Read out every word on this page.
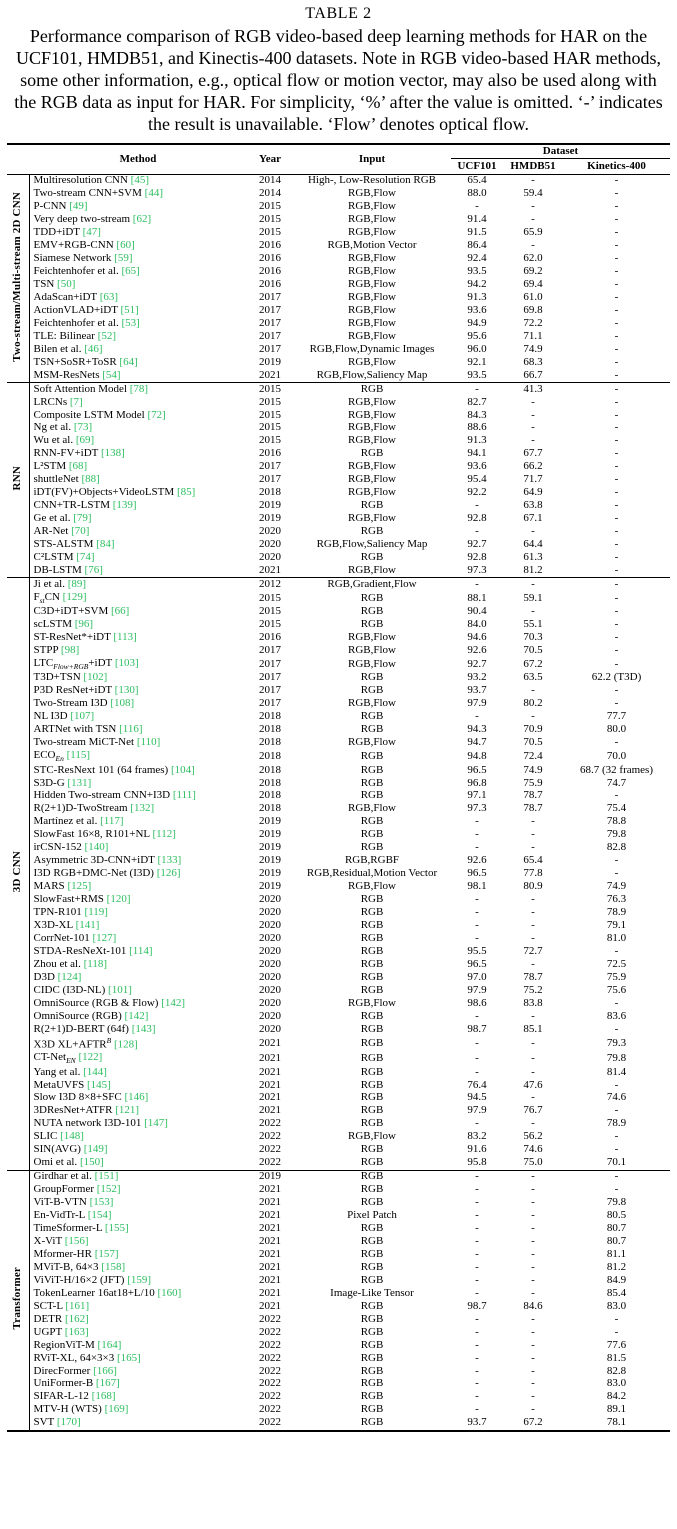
TABLE 2
Performance comparison of RGB video-based deep learning methods for HAR on the UCF101, HMDB51, and Kinectis-400 datasets. Note in RGB video-based HAR methods, some other information, e.g., optical flow or motion vector, may also be used along with the RGB data as input for HAR. For simplicity, ‘%’ after the value is omitted. ‘-’ indicates the result is unavailable. ‘Flow’ denotes optical flow.
	Method	Year	Input	Dataset		
				UCF101	HMDB51	Kinetics-400
Two-stream/Multi-stream 2D CNN	Multiresolution CNN [45]	2014	High-, Low-Resolution RGB	65.4	-	-
	Two-stream CNN+SVM [44]	2014	RGB,Flow	88.0	59.4	-
	P-CNN [49]	2015	RGB,Flow	-	-	-
	Very deep two-stream [62]	2015	RGB,Flow	91.4	-	-
	TDD+iDT [47]	2015	RGB,Flow	91.5	65.9	-
	EMV+RGB-CNN [60]	2016	RGB,Motion Vector	86.4	-	-
	Siamese Network [59]	2016	RGB,Flow	92.4	62.0	-
	Feichtenhofer et al. [65]	2016	RGB,Flow	93.5	69.2	-
	TSN [50]	2016	RGB,Flow	94.2	69.4	-
	AdaScan+iDT [63]	2017	RGB,Flow	91.3	61.0	-
	ActionVLAD+iDT [51]	2017	RGB,Flow	93.6	69.8	-
	Feichtenhofer et al. [53]	2017	RGB,Flow	94.9	72.2	-
	TLE: Bilinear [52]	2017	RGB,Flow	95.6	71.1	-
	Bilen et al. [46]	2017	RGB,Flow,Dynamic Images	96.0	74.9	-
	TSN+SoSR+ToSR [64]	2019	RGB,Flow	92.1	68.3	-
	MSM-ResNets [54]	2021	RGB,Flow,Saliency Map	93.5	66.7	-
RNN	Soft Attention Model [78]	2015	RGB	-	41.3	-
	LRCNs [7]	2015	RGB,Flow	82.7	-	-
	Composite LSTM Model [72]	2015	RGB,Flow	84.3	-	-
	Ng et al. [73]	2015	RGB,Flow	88.6	-	-
	Wu et al. [69]	2015	RGB,Flow	91.3	-	-
	RNN-FV+iDT [138]	2016	RGB	94.1	67.7	-
	L²STM [68]	2017	RGB,Flow	93.6	66.2	-
	shuttleNet [88]	2017	RGB,Flow	95.4	71.7	-
	iDT(FV)+Objects+VideoLSTM [85]	2018	RGB,Flow	92.2	64.9	-
	CNN+TR-LSTM [139]	2019	RGB	-	63.8	-
	Ge et al. [79]	2019	RGB,Flow	92.8	67.1	-
	AR-Net [70]	2020	RGB	-	-	-
	STS-ALSTM [84]	2020	RGB,Flow,Saliency Map	92.7	64.4	-
	C²LSTM [74]	2020	RGB	92.8	61.3	-
	DB-LSTM [76]	2021	RGB,Flow	97.3	81.2	-
3D CNN	Ji et al. [89]	2012	RGB,Gradient,Flow	-	-	-
	$F_{st}CN$ [129]	2015	RGB	88.1	59.1	-
	C3D+iDT+SVM [66]	2015	RGB	90.4	-	-
	scLSTM [96]	2015	RGB	84.0	55.1	-
	ST-ResNet*+iDT [113]	2016	RGB,Flow	94.6	70.3	-
	STPP [98]	2017	RGB,Flow	92.6	70.5	-
	$LTC_{Flow+RGB}+iDT$ [103]	2017	RGB,Flow	92.7	67.2	-
	T3D+TSN [102]	2017	RGB	93.2	63.5	62.2 (T3D)
	P3D ResNet+iDT [130]	2017	RGB	93.7	-	-
	Two-Stream I3D [108]	2017	RGB,Flow	97.9	80.2	-
	NL I3D [107]	2018	RGB	-	-	77.7
	ARTNet with TSN [116]	2018	RGB	94.3	70.9	80.0
	Two-stream MiCT-Net [110]	2018	RGB,Flow	94.7	70.5	-
	$ECO_{En}$ [115]	2018	RGB	94.8	72.4	70.0
	STC-ResNext 101 (64 frames) [104]	2018	RGB	96.5	74.9	68.7 (32 frames)
	S3D-G [131]	2018	RGB	96.8	75.9	74.7
	Hidden Two-stream CNN+I3D [111]	2018	RGB	97.1	78.7	-
	R(2+1)D-TwoStream [132]	2018	RGB,Flow	97.3	78.7	75.4
	Martínez et al. [117]	2019	RGB	-	-	78.8
	SlowFast 16×8, R101+NL [112]	2019	RGB	-	-	79.8
	irCSN-152 [140]	2019	RGB	-	-	82.8
	Asymmetric 3D-CNN+iDT [133]	2019	RGB,RGBF	92.6	65.4	-
	I3D RGB+DMC-Net (I3D) [126]	2019	RGB,Residual,Motion Vector	96.5	77.8	-
	MARS [125]	2019	RGB,Flow	98.1	80.9	74.9
	SlowFast+RMS [120]	2020	RGB	-	-	76.3
	TPN-R101 [119]	2020	RGB	-	-	78.9
	X3D-XL [141]	2020	RGB	-	-	79.1
	CorrNet-101 [127]	2020	RGB	-	-	81.0
	STDA-ResNeXt-101 [114]	2020	RGB	95.5	72.7	-
	Zhou et al. [118]	2020	RGB	96.5	-	72.5
	D3D [124]	2020	RGB	97.0	78.7	75.9
	CIDC (I3D-NL) [101]	2020	RGB	97.9	75.2	75.6
	OmniSource (RGB & Flow) [142]	2020	RGB,Flow	98.6	83.8	-
	OmniSource (RGB) [142]	2020	RGB	-	-	83.6
	R(2+1)D-BERT (64f) [143]	2020	RGB	98.7	85.1	-
	X3D $XL+AFTR^B$ [128]	2021	RGB	-	-	79.3
	CT-Net$_{EN}$ [122]	2021	RGB	-	-	79.8
	Yang et al. [144]	2021	RGB	-	-	81.4
	MetaUVFS [145]	2021	RGB	76.4	47.6	-
	Slow I3D 8×8+SFC [146]	2021	RGB	94.5	-	74.6
	3DResNet+ATFR [121]	2021	RGB	97.9	76.7	-
	NUTA network I3D-101 [147]	2022	RGB	-	-	78.9
	SLIC [148]	2022	RGB,Flow	83.2	56.2	-
	SIN(AVG) [149]	2022	RGB	91.6	74.6	-
	Omi et al. [150]	2022	RGB	95.8	75.0	70.1
Transformer	Girdhar et al. [151]	2019	RGB	-	-	-
	GroupFormer [152]	2021	RGB	-	-	-
	ViT-B-VTN [153]	2021	RGB	-	-	79.8
	En-VidTr-L [154]	2021	Pixel Patch	-	-	80.5
	TimeSformer-L [155]	2021	RGB	-	-	80.7
	X-ViT [156]	2021	RGB	-	-	80.7
	Mformer-HR [157]	2021	RGB	-	-	81.1
	MViT-B, 64×3 [158]	2021	RGB	-	-	81.2
	ViViT-H/16×2 (JFT) [159]	2021	RGB	-	-	84.9
	TokenLearner 16at18+L/10 [160]	2021	Image-Like Tensor	-	-	85.4
	SCT-L [161]	2021	RGB	98.7	84.6	83.0
	DETR [162]	2022	RGB	-	-	-
	UGPT [163]	2022	RGB	-	-	-
	RegionViT-M [164]	2022	RGB	-	-	77.6
	RViT-XL, 64×3×3 [165]	2022	RGB	-	-	81.5
	DirecFormer [166]	2022	RGB	-	-	82.8
	UniFormer-B [167]	2022	RGB	-	-	83.0
	SIFAR-L-12 [168]	2022	RGB	-	-	84.2
	MTV-H (WTS) [169]	2022	RGB	-	-	89.1
	SVT [170]	2022	RGB	93.7	67.2	78.1
